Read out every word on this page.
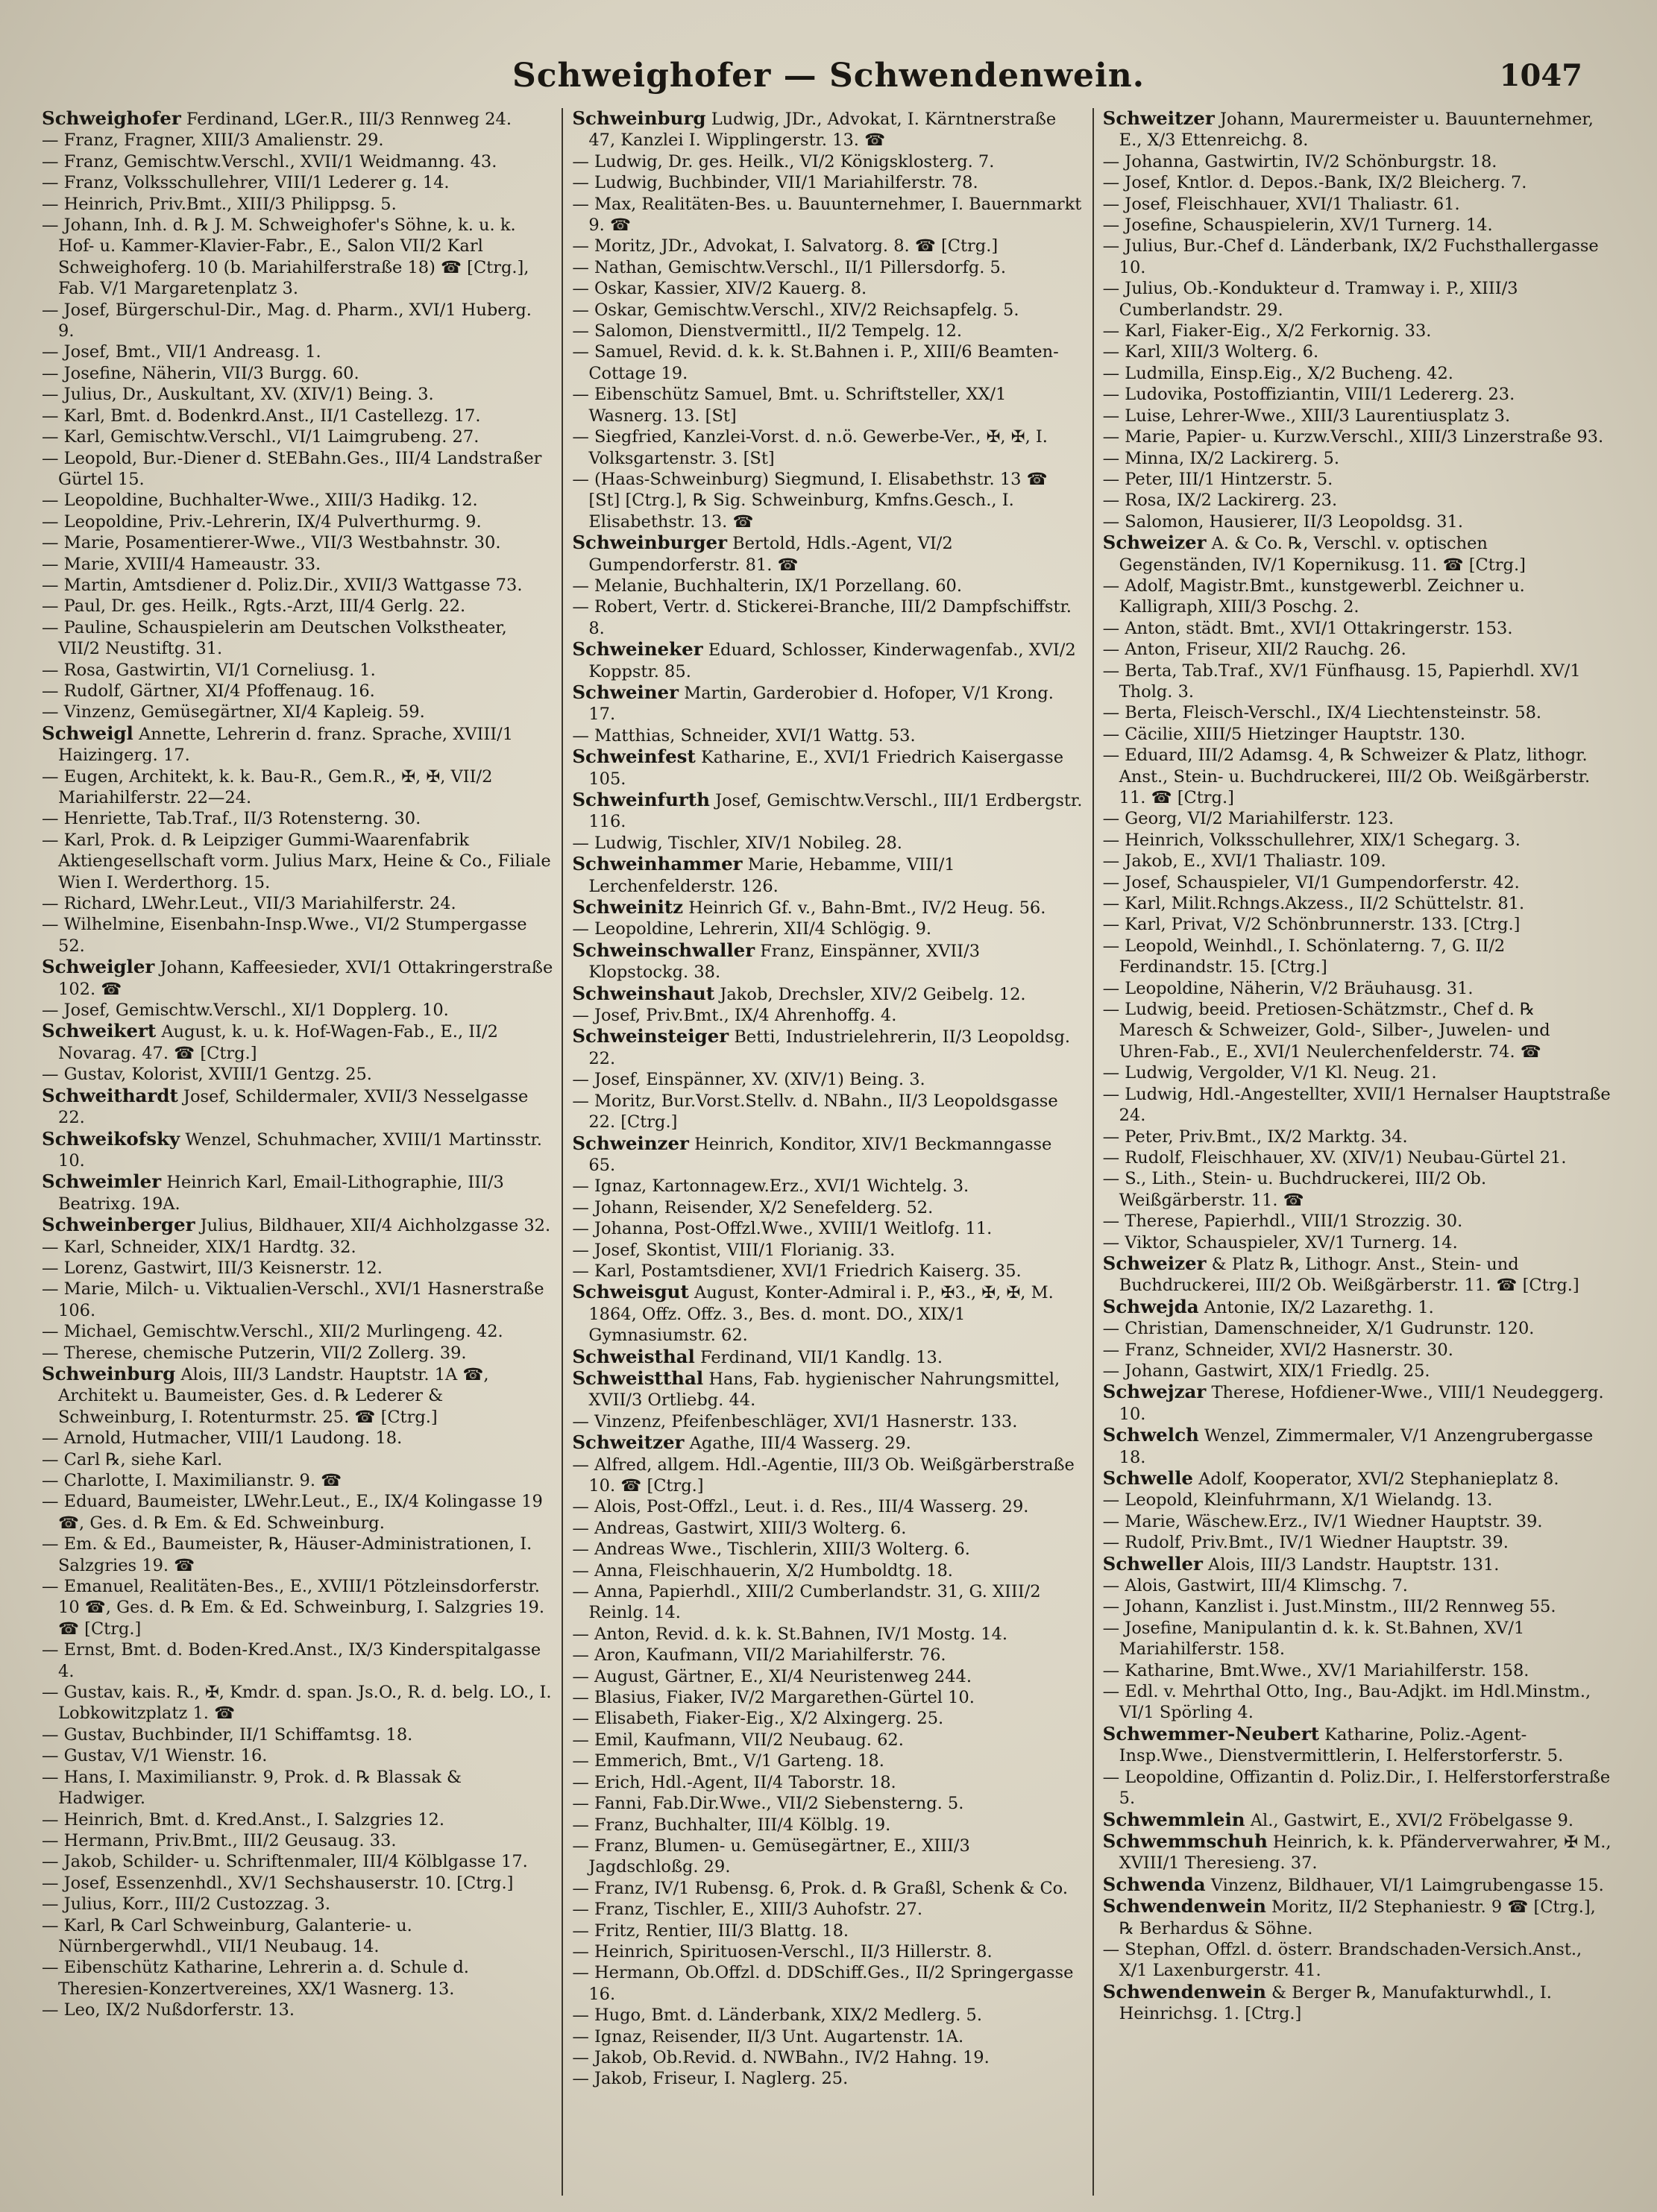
Schweighofer — Schwendenwein.	1047

Schweighofer Ferdinand, LGer.R., III/3 Rennweg 24.

— Franz, Fragner, XIII/3 Amalienstr. 29.

— Franz, Gemischtw.Verschl., XVII/1 Weidmanng. 43.

— Franz, Volksschullehrer, VIII/1 Lederer g. 14.

— Heinrich, Priv.Bmt., XIII/3 Philippsg. 5.

— Johann, Inh. d. ℞ J. M. Schweighofer's Söhne, k. u. k. Hof- u. Kammer-Klavier-Fabr., E., Salon VII/2 Karl Schweighoferg. 10 (b. Mariahilferstraße 18) ☎ [Ctrg.], Fab. V/1 Margaretenplatz 3.

— Josef, Bürgerschul-Dir., Mag. d. Pharm., XVI/1 Huberg. 9.

— Josef, Bmt., VII/1 Andreasg. 1.

— Josefine, Näherin, VII/3 Burgg. 60.

— Julius, Dr., Auskultant, XV. (XIV/1) Being. 3.

— Karl, Bmt. d. Bodenkrd.Anst., II/1 Castellezg. 17.

— Karl, Gemischtw.Verschl., VI/1 Laimgrubeng. 27.

— Leopold, Bur.-Diener d. StEBahn.Ges., III/4 Landstraßer Gürtel 15.

— Leopoldine, Buchhalter-Wwe., XIII/3 Hadikg. 12.

— Leopoldine, Priv.-Lehrerin, IX/4 Pulverthurmg. 9.

— Marie, Posamentierer-Wwe., VII/3 Westbahnstr. 30.

— Marie, XVIII/4 Hameaustr. 33.

— Martin, Amtsdiener d. Poliz.Dir., XVII/3 Wattgasse 73.

— Paul, Dr. ges. Heilk., Rgts.-Arzt, III/4 Gerlg. 22.

— Pauline, Schauspielerin am Deutschen Volkstheater, VII/2 Neustiftg. 31.

— Rosa, Gastwirtin, VI/1 Corneliusg. 1.

— Rudolf, Gärtner, XI/4 Pfoffenaug. 16.

— Vinzenz, Gemüsegärtner, XI/4 Kapleig. 59.

Schweigl Annette, Lehrerin d. franz. Sprache, XVIII/1 Haizingerg. 17.

— Eugen, Architekt, k. k. Bau-R., Gem.R., ✠, ✠, VII/2 Mariahilferstr. 22—24.

— Henriette, Tab.Traf., II/3 Rotensterng. 30.

— Karl, Prok. d. ℞ Leipziger Gummi-Waarenfabrik Aktiengesellschaft vorm. Julius Marx, Heine & Co., Filiale Wien I. Werderthorg. 15.

— Richard, LWehr.Leut., VII/3 Mariahilferstr. 24.

— Wilhelmine, Eisenbahn-Insp.Wwe., VI/2 Stumpergasse 52.

Schweigler Johann, Kaffeesieder, XVI/1 Ottakringerstraße 102. ☎

— Josef, Gemischtw.Verschl., XI/1 Dopplerg. 10.

Schweikert August, k. u. k. Hof-Wagen-Fab., E., II/2 Novarag. 47. ☎ [Ctrg.]

— Gustav, Kolorist, XVIII/1 Gentzg. 25.

Schweithardt Josef, Schildermaler, XVII/3 Nesselgasse 22.

Schweikofsky Wenzel, Schuhmacher, XVIII/1 Martinsstr. 10.

Schweimler Heinrich Karl, Email-Lithographie, III/3 Beatrixg. 19A.

Schweinberger Julius, Bildhauer, XII/4 Aichholzgasse 32.

— Karl, Schneider, XIX/1 Hardtg. 32.

— Lorenz, Gastwirt, III/3 Keisnerstr. 12.

— Marie, Milch- u. Viktualien-Verschl., XVI/1 Hasnerstraße 106.

— Michael, Gemischtw.Verschl., XII/2 Murlingeng. 42.

— Therese, chemische Putzerin, VII/2 Zollerg. 39.

Schweinburg Alois, III/3 Landstr. Hauptstr. 1A ☎, Architekt u. Baumeister, Ges. d. ℞ Lederer & Schweinburg, I. Rotenturmstr. 25. ☎ [Ctrg.]

— Arnold, Hutmacher, VIII/1 Laudong. 18.

— Carl ℞, siehe Karl.

— Charlotte, I. Maximilianstr. 9. ☎

— Eduard, Baumeister, LWehr.Leut., E., IX/4 Kolingasse 19 ☎, Ges. d. ℞ Em. & Ed. Schweinburg.

— Em. & Ed., Baumeister, ℞, Häuser-Administrationen, I. Salzgries 19. ☎

— Emanuel, Realitäten-Bes., E., XVIII/1 Pötzleinsdorferstr. 10 ☎, Ges. d. ℞ Em. & Ed. Schweinburg, I. Salzgries 19. ☎ [Ctrg.]

— Ernst, Bmt. d. Boden-Kred.Anst., IX/3 Kinderspitalgasse 4.

— Gustav, kais. R., ✠, Kmdr. d. span. Js.O., R. d. belg. LO., I. Lobkowitzplatz 1. ☎

— Gustav, Buchbinder, II/1 Schiffamtsg. 18.

— Gustav, V/1 Wienstr. 16.

— Hans, I. Maximilianstr. 9, Prok. d. ℞ Blassak & Hadwiger.

— Heinrich, Bmt. d. Kred.Anst., I. Salzgries 12.

— Hermann, Priv.Bmt., III/2 Geusaug. 33.

— Jakob, Schilder- u. Schriftenmaler, III/4 Kölblgasse 17.

— Josef, Essenzenhdl., XV/1 Sechshauserstr. 10. [Ctrg.]

— Julius, Korr., III/2 Custozzag. 3.

— Karl, ℞ Carl Schweinburg, Galanterie- u. Nürnbergerwhdl., VII/1 Neubaug. 14.

— Eibenschütz Katharine, Lehrerin a. d. Schule d. Theresien-Konzertvereines, XX/1 Wasnerg. 13.

— Leo, IX/2 Nußdorferstr. 13.

Schweinburg Ludwig, JDr., Advokat, I. Kärntnerstraße 47, Kanzlei I. Wipplingerstr. 13. ☎

— Ludwig, Dr. ges. Heilk., VI/2 Königsklosterg. 7.

— Ludwig, Buchbinder, VII/1 Mariahilferstr. 78.

— Max, Realitäten-Bes. u. Bauunternehmer, I. Bauernmarkt 9. ☎

— Moritz, JDr., Advokat, I. Salvatorg. 8. ☎ [Ctrg.]

— Nathan, Gemischtw.Verschl., II/1 Pillersdorfg. 5.

— Oskar, Kassier, XIV/2 Kauerg. 8.

— Oskar, Gemischtw.Verschl., XIV/2 Reichsapfelg. 5.

— Salomon, Dienstvermittl., II/2 Tempelg. 12.

— Samuel, Revid. d. k. k. St.Bahnen i. P., XIII/6 Beamten-Cottage 19.

— Eibenschütz Samuel, Bmt. u. Schriftsteller, XX/1 Wasnerg. 13. [St]

— Siegfried, Kanzlei-Vorst. d. n.ö. Gewerbe-Ver., ✠, ✠, I. Volksgartenstr. 3. [St]

— (Haas-Schweinburg) Siegmund, I. Elisabethstr. 13 ☎ [St] [Ctrg.], ℞ Sig. Schweinburg, Kmfns.Gesch., I. Elisabethstr. 13. ☎

Schweinburger Bertold, Hdls.-Agent, VI/2 Gumpendorferstr. 81. ☎

— Melanie, Buchhalterin, IX/1 Porzellang. 60.

— Robert, Vertr. d. Stickerei-Branche, III/2 Dampfschiffstr. 8.

Schweineker Eduard, Schlosser, Kinderwagenfab., XVI/2 Koppstr. 85.

Schweiner Martin, Garderobier d. Hofoper, V/1 Krong. 17.

— Matthias, Schneider, XVI/1 Wattg. 53.

Schweinfest Katharine, E., XVI/1 Friedrich Kaisergasse 105.

Schweinfurth Josef, Gemischtw.Verschl., III/1 Erdbergstr. 116.

— Ludwig, Tischler, XIV/1 Nobileg. 28.

Schweinhammer Marie, Hebamme, VIII/1 Lerchenfelderstr. 126.

Schweinitz Heinrich Gf. v., Bahn-Bmt., IV/2 Heug. 56.

— Leopoldine, Lehrerin, XII/4 Schlögig. 9.

Schweinschwaller Franz, Einspänner, XVII/3 Klopstockg. 38.

Schweinshaut Jakob, Drechsler, XIV/2 Geibelg. 12.

— Josef, Priv.Bmt., IX/4 Ahrenhoffg. 4.

Schweinsteiger Betti, Industrielehrerin, II/3 Leopoldsg. 22.

— Josef, Einspänner, XV. (XIV/1) Being. 3.

— Moritz, Bur.Vorst.Stellv. d. NBahn., II/3 Leopoldsgasse 22. [Ctrg.]

Schweinzer Heinrich, Konditor, XIV/1 Beckmanngasse 65.

— Ignaz, Kartonnagew.Erz., XVI/1 Wichtelg. 3.

— Johann, Reisender, X/2 Senefelderg. 52.

— Johanna, Post-Offzl.Wwe., XVIII/1 Weitlofg. 11.

— Josef, Skontist, VIII/1 Florianig. 33.

— Karl, Postamtsdiener, XVI/1 Friedrich Kaiserg. 35.

Schweisgut August, Konter-Admiral i. P., ✠3., ✠, ✠, M. 1864, Offz. Offz. 3., Bes. d. mont. DO., XIX/1 Gymnasiumstr. 62.

Schweisthal Ferdinand, VII/1 Kandlg. 13.

Schweistthal Hans, Fab. hygienischer Nahrungsmittel, XVII/3 Ortliebg. 44.

— Vinzenz, Pfeifenbeschläger, XVI/1 Hasnerstr. 133.

Schweitzer Agathe, III/4 Wasserg. 29.

— Alfred, allgem. Hdl.-Agentie, III/3 Ob. Weißgärberstraße 10. ☎ [Ctrg.]

— Alois, Post-Offzl., Leut. i. d. Res., III/4 Wasserg. 29.

— Andreas, Gastwirt, XIII/3 Wolterg. 6.

— Andreas Wwe., Tischlerin, XIII/3 Wolterg. 6.

— Anna, Fleischhauerin, X/2 Humboldtg. 18.

— Anna, Papierhdl., XIII/2 Cumberlandstr. 31, G. XIII/2 Reinlg. 14.

— Anton, Revid. d. k. k. St.Bahnen, IV/1 Mostg. 14.

— Aron, Kaufmann, VII/2 Mariahilferstr. 76.

— August, Gärtner, E., XI/4 Neuristenweg 244.

— Blasius, Fiaker, IV/2 Margarethen-Gürtel 10.

— Elisabeth, Fiaker-Eig., X/2 Alxingerg. 25.

— Emil, Kaufmann, VII/2 Neubaug. 62.

— Emmerich, Bmt., V/1 Garteng. 18.

— Erich, Hdl.-Agent, II/4 Taborstr. 18.

— Fanni, Fab.Dir.Wwe., VII/2 Siebensterng. 5.

— Franz, Buchhalter, III/4 Kölblg. 19.

— Franz, Blumen- u. Gemüsegärtner, E., XIII/3 Jagdschloßg. 29.

— Franz, IV/1 Rubensg. 6, Prok. d. ℞ Graßl, Schenk & Co.

— Franz, Tischler, E., XIII/3 Auhofstr. 27.

— Fritz, Rentier, III/3 Blattg. 18.

— Heinrich, Spirituosen-Verschl., II/3 Hillerstr. 8.

— Hermann, Ob.Offzl. d. DDSchiff.Ges., II/2 Springergasse 16.

— Hugo, Bmt. d. Länderbank, XIX/2 Medlerg. 5.

— Ignaz, Reisender, II/3 Unt. Augartenstr. 1A.

— Jakob, Ob.Revid. d. NWBahn., IV/2 Hahng. 19.

— Jakob, Friseur, I. Naglerg. 25.

Schweitzer Johann, Maurermeister u. Bauunternehmer, E., X/3 Ettenreichg. 8.

— Johanna, Gastwirtin, IV/2 Schönburgstr. 18.

— Josef, Kntlor. d. Depos.-Bank, IX/2 Bleicherg. 7.

— Josef, Fleischhauer, XVI/1 Thaliastr. 61.

— Josefine, Schauspielerin, XV/1 Turnerg. 14.

— Julius, Bur.-Chef d. Länderbank, IX/2 Fuchsthallergasse 10.

— Julius, Ob.-Kondukteur d. Tramway i. P., XIII/3 Cumberlandstr. 29.

— Karl, Fiaker-Eig., X/2 Ferkornig. 33.

— Karl, XIII/3 Wolterg. 6.

— Ludmilla, Einsp.Eig., X/2 Bucheng. 42.

— Ludovika, Postoffiziantin, VIII/1 Ledererg. 23.

— Luise, Lehrer-Wwe., XIII/3 Laurentiusplatz 3.

— Marie, Papier- u. Kurzw.Verschl., XIII/3 Linzerstraße 93.

— Minna, IX/2 Lackirerg. 5.

— Peter, III/1 Hintzerstr. 5.

— Rosa, IX/2 Lackirerg. 23.

— Salomon, Hausierer, II/3 Leopoldsg. 31.

Schweizer A. & Co. ℞, Verschl. v. optischen Gegenständen, IV/1 Kopernikusg. 11. ☎ [Ctrg.]

— Adolf, Magistr.Bmt., kunstgewerbl. Zeichner u. Kalligraph, XIII/3 Poschg. 2.

— Anton, städt. Bmt., XVI/1 Ottakringerstr. 153.

— Anton, Friseur, XII/2 Rauchg. 26.

— Berta, Tab.Traf., XV/1 Fünfhausg. 15, Papierhdl. XV/1 Tholg. 3.

— Berta, Fleisch-Verschl., IX/4 Liechtensteinstr. 58.

— Cäcilie, XIII/5 Hietzinger Hauptstr. 130.

— Eduard, III/2 Adamsg. 4, ℞ Schweizer & Platz, lithogr. Anst., Stein- u. Buchdruckerei, III/2 Ob. Weißgärberstr. 11. ☎ [Ctrg.]

— Georg, VI/2 Mariahilferstr. 123.

— Heinrich, Volksschullehrer, XIX/1 Schegarg. 3.

— Jakob, E., XVI/1 Thaliastr. 109.

— Josef, Schauspieler, VI/1 Gumpendorferstr. 42.

— Karl, Milit.Rchngs.Akzess., II/2 Schüttelstr. 81.

— Karl, Privat, V/2 Schönbrunnerstr. 133. [Ctrg.]

— Leopold, Weinhdl., I. Schönlaterng. 7, G. II/2 Ferdinandstr. 15. [Ctrg.]

— Leopoldine, Näherin, V/2 Bräuhausg. 31.

— Ludwig, beeid. Pretiosen-Schätzmstr., Chef d. ℞ Maresch & Schweizer, Gold-, Silber-, Juwelen- und Uhren-Fab., E., XVI/1 Neulerchenfelderstr. 74. ☎

— Ludwig, Vergolder, V/1 Kl. Neug. 21.

— Ludwig, Hdl.-Angestellter, XVII/1 Hernalser Hauptstraße 24.

— Peter, Priv.Bmt., IX/2 Marktg. 34.

— Rudolf, Fleischhauer, XV. (XIV/1) Neubau-Gürtel 21.

— S., Lith., Stein- u. Buchdruckerei, III/2 Ob. Weißgärberstr. 11. ☎

— Therese, Papierhdl., VIII/1 Strozzig. 30.

— Viktor, Schauspieler, XV/1 Turnerg. 14.

Schweizer & Platz ℞, Lithogr. Anst., Stein- und Buchdruckerei, III/2 Ob. Weißgärberstr. 11. ☎ [Ctrg.]

Schwejda Antonie, IX/2 Lazarethg. 1.

— Christian, Damenschneider, X/1 Gudrunstr. 120.

— Franz, Schneider, XVI/2 Hasnerstr. 30.

— Johann, Gastwirt, XIX/1 Friedlg. 25.

Schwejzar Therese, Hofdiener-Wwe., VIII/1 Neudeggerg. 10.

Schwelch Wenzel, Zimmermaler, V/1 Anzengrubergasse 18.

Schwelle Adolf, Kooperator, XVI/2 Stephanieplatz 8.

— Leopold, Kleinfuhrmann, X/1 Wielandg. 13.

— Marie, Wäschew.Erz., IV/1 Wiedner Hauptstr. 39.

— Rudolf, Priv.Bmt., IV/1 Wiedner Hauptstr. 39.

Schweller Alois, III/3 Landstr. Hauptstr. 131.

— Alois, Gastwirt, III/4 Klimschg. 7.

— Johann, Kanzlist i. Just.Minstm., III/2 Rennweg 55.

— Josefine, Manipulantin d. k. k. St.Bahnen, XV/1 Mariahilferstr. 158.

— Katharine, Bmt.Wwe., XV/1 Mariahilferstr. 158.

— Edl. v. Mehrthal Otto, Ing., Bau-Adjkt. im Hdl.Minstm., VI/1 Spörling 4.

Schwemmer-Neubert Katharine, Poliz.-Agent-Insp.Wwe., Dienstvermittlerin, I. Helferstorferstr. 5.

— Leopoldine, Offizantin d. Poliz.Dir., I. Helferstorferstraße 5.

Schwemmlein Al., Gastwirt, E., XVI/2 Fröbelgasse 9.

Schwemmschuh Heinrich, k. k. Pfänderverwahrer, ✠ M., XVIII/1 Theresieng. 37.

Schwenda Vinzenz, Bildhauer, VI/1 Laimgrubengasse 15.

Schwendenwein Moritz, II/2 Stephaniestr. 9 ☎ [Ctrg.], ℞ Berhardus & Söhne.

— Stephan, Offzl. d. österr. Brandschaden-Versich.Anst., X/1 Laxenburgerstr. 41.

Schwendenwein & Berger ℞, Manufakturwhdl., I. Heinrichsg. 1. [Ctrg.]
